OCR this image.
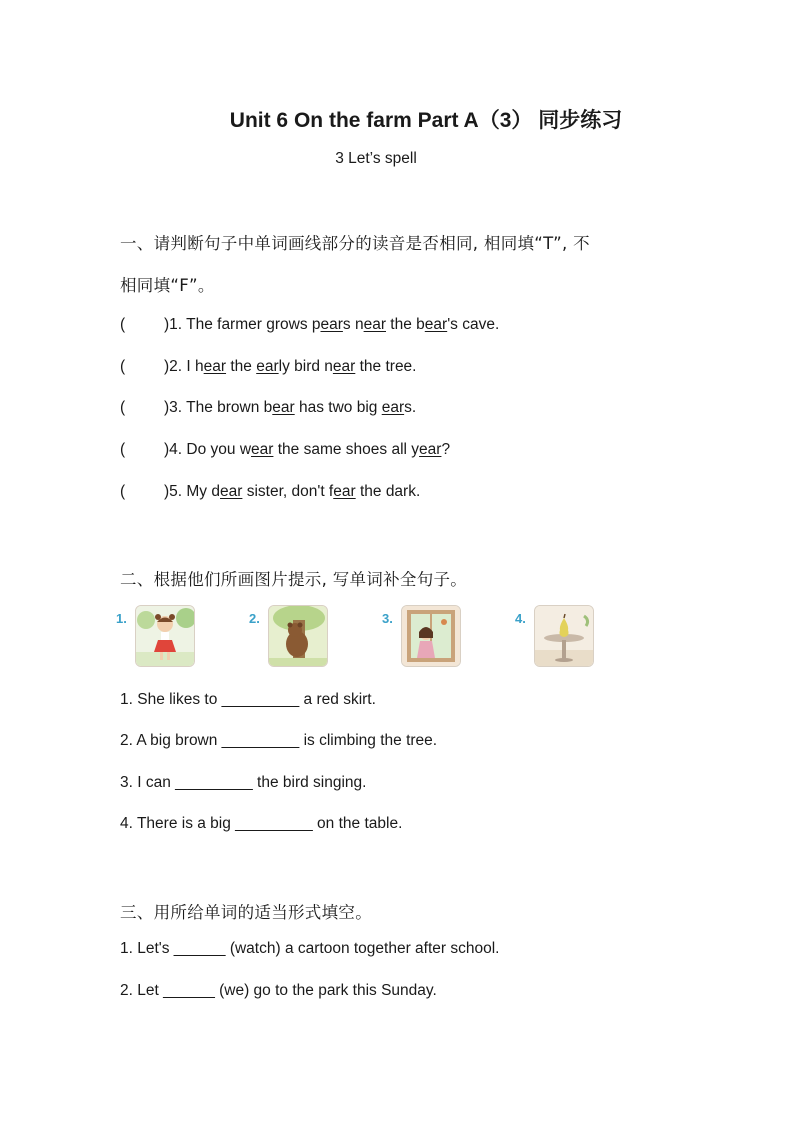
Unit 6 On the farm Part A（3） 同步练习
3 Let’s spell
一、请判断句子中单词画线部分的读音是否相同, 相同填“T”, 不
相同填“F”。
(	)1. The farmer grows pears near the bear's cave.
(	)2. I hear the early bird near the tree.
(	)3. The brown bear has two big ears.
(	)4. Do you wear the same shoes all year?
(	)5. My dear sister, don't fear the dark.
二、根据他们所画图片提示, 写单词补全句子。
1.	2.	3.	4.
1. She likes to _________ a red skirt.
2. A big brown _________ is climbing the tree.
3. I can _________ the bird singing.
4. There is a big _________ on the table.
三、用所给单词的适当形式填空。
1. Let's ______ (watch) a cartoon together after school.
2. Let ______ (we) go to the park this Sunday.
